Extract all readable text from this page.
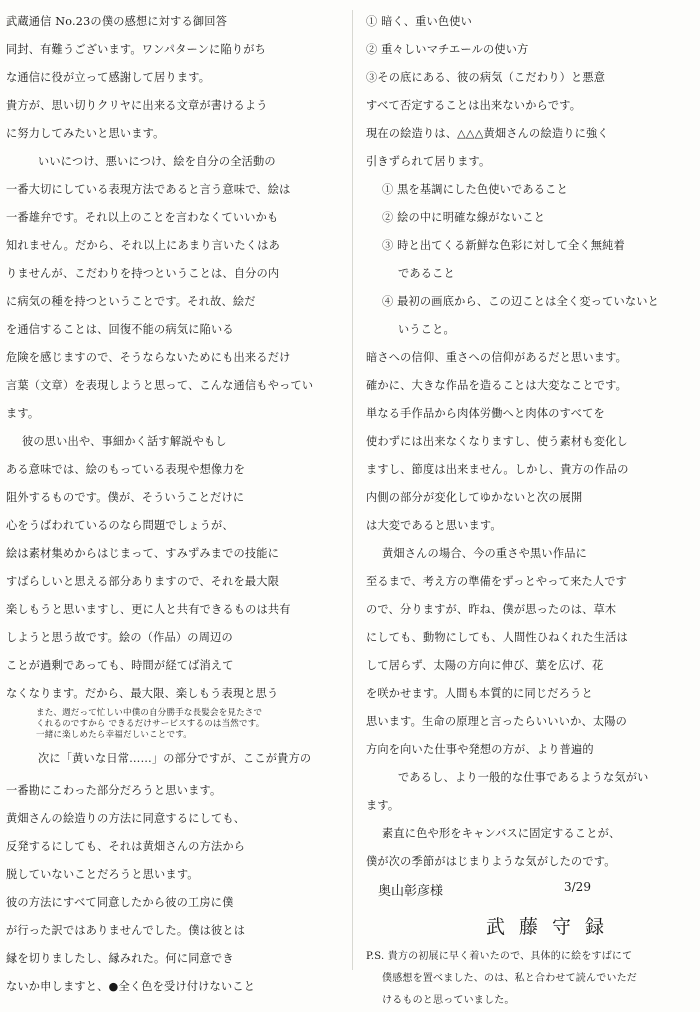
武蔵通信 No.23の僕の感想に対する御回答
同封、有難うございます。ワンパターンに陥りがち
な通信に役が立って感謝して居ります。
貴方が、思い切りクリヤに出来る文章が書けるよう
に努力してみたいと思います。
いいにつけ、悪いにつけ、絵を自分の全活動の
一番大切にしている表現方法であると言う意味で、絵は
一番雄弁です。それ以上のことを言わなくていいかも
知れません。だから、それ以上にあまり言いたくはあ
りませんが、こだわりを持つということは、自分の内
に病気の種を持つということです。それ故、絵だ
を通信することは、回復不能の病気に陥いる
危険を感じますので、そうならないためにも出来るだけ
言葉（文章）を表現しようと思って、こんな通信もやってい
ます。
彼の思い出や、事細かく話す解説やもし
ある意味では、絵のもっている表現や想像力を
阻外するものです。僕が、そういうことだけに
心をうばわれているのなら問題でしょうが、
絵は素材集めからはじまって、すみずみまでの技能に
すばらしいと思える部分ありますので、それを最大限
楽しもうと思いますし、更に人と共有できるものは共有
しようと思う故です。絵の（作品）の周辺の
ことが過剰であっても、時間が経てば消えて
なくなります。だから、最大限、楽しもう表現と思う
また、週だって忙しい中僕の自分勝手な長髪会を見たさで
くれるのですから できるだけサービスするのは当然です。
一緒に楽しめたら幸福だしいことです。
次に「黄いな日常……」の部分ですが、ここが貴方の
一番勘にこわった部分だろうと思います。
黄畑さんの絵造りの方法に同意するにしても、
反発するにしても、それは黄畑さんの方法から
脱していないことだろうと思います。
彼の方法にすべて同意したから彼の工房に僕
が行った訳ではありませんでした。僕は彼とは
縁を切りましたし、縁みれた。何に同意でき
ないか申しますと、●全く色を受け付けないこと
① 暗く、重い色使い
② 重々しいマチエールの使い方
③その底にある、彼の病気（こだわり）と悪意
すべて否定することは出来ないからです。
現在の絵造りは、△△△黄畑さんの絵造りに強く
引きずられて居ります。
① 黒を基調にした色使いであること
② 絵の中に明確な線がないこと
③ 時と出てくる新鮮な色彩に対して全く無純着
であること
④ 最初の画底から、この辺ことは全く変っていないと
いうこと。
暗さへの信仰、重さへの信仰があるだと思います。
確かに、大きな作品を造ることは大変なことです。
単なる手作品から肉体労働へと肉体のすべてを
使わずには出来なくなりますし、使う素材も変化し
ますし、節度は出来ません。しかし、貴方の作品の
内側の部分が変化してゆかないと次の展開
は大変であると思います。
黄畑さんの場合、今の重さや黒い作品に
至るまで、考え方の準備をずっとやって来た人です
ので、分りますが、昨ね、僕が思ったのは、草木
にしても、動物にしても、人間性ひねくれた生活は
して居らず、太陽の方向に伸び、葉を広げ、花
を咲かせます。人間も本質的に同じだろうと
思います。生命の原理と言ったらいいいか、太陽の
方向を向いた仕事や発想の方が、より普遍的
であるし、より一般的な仕事であるような気がい
ます。
素直に色や形をキャンバスに固定することが、
僕が次の季節がはじまりような気がしたのです。
奥山彰彦様	3/29
武藤守録
P.S. 貴方の初展に早く着いたので、具体的に絵をすばにて
僕感想を置べました、のは、私と合わせて読んでいただ
けるものと思っていました。
